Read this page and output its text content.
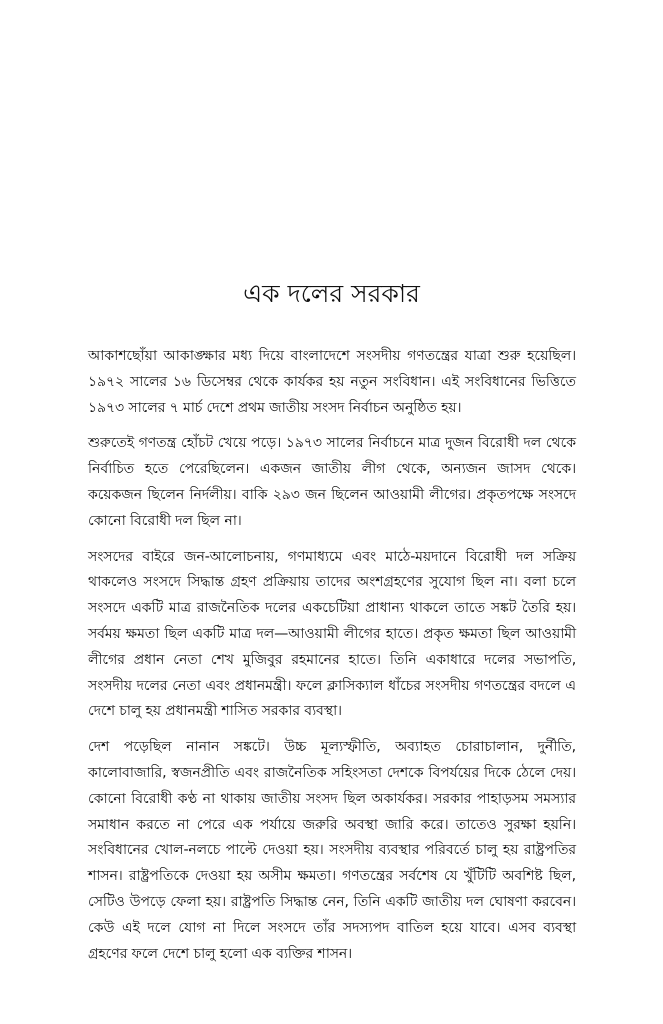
এক দলের সরকার

আকাশছোঁয়া আকাঙ্ক্ষার মধ্য দিয়ে বাংলাদেশে সংসদীয় গণতন্ত্রের যাত্রা শুরু হয়েছিল। ১৯৭২ সালের ১৬ ডিসেম্বর থেকে কার্যকর হয় নতুন সংবিধান। এই সংবিধানের ভিত্তিতে ১৯৭৩ সালের ৭ মার্চ দেশে প্রথম জাতীয় সংসদ নির্বাচন অনুষ্ঠিত হয়।

শুরুতেই গণতন্ত্র হোঁচট খেয়ে পড়ে। ১৯৭৩ সালের নির্বাচনে মাত্র দুজন বিরোধী দল থেকে নির্বাচিত হতে পেরেছিলেন। একজন জাতীয় লীগ থেকে, অন্যজন জাসদ থেকে। কয়েকজন ছিলেন নির্দলীয়। বাকি ২৯৩ জন ছিলেন আওয়ামী লীগের। প্রকৃতপক্ষে সংসদে কোনো বিরোধী দল ছিল না।

সংসদের বাইরে জন-আলোচনায়, গণমাধ্যমে এবং মাঠে-ময়দানে বিরোধী দল সক্রিয় থাকলেও সংসদে সিদ্ধান্ত গ্রহণ প্রক্রিয়ায় তাদের অংশগ্রহণের সুযোগ ছিল না। বলা চলে সংসদে একটি মাত্র রাজনৈতিক দলের একচেটিয়া প্রাধান্য থাকলে তাতে সঙ্কট তৈরি হয়। সর্বময় ক্ষমতা ছিল একটি মাত্র দল—আওয়ামী লীগের হাতে। প্রকৃত ক্ষমতা ছিল আওয়ামী লীগের প্রধান নেতা শেখ মুজিবুর রহমানের হাতে। তিনি একাধারে দলের সভাপতি, সংসদীয় দলের নেতা এবং প্রধানমন্ত্রী। ফলে ক্লাসিক্যাল ধাঁচের সংসদীয় গণতন্ত্রের বদলে এ দেশে চালু হয় প্রধানমন্ত্রী শাসিত সরকার ব্যবস্থা।

দেশ পড়েছিল নানান সঙ্কটে। উচ্চ মূল্যস্ফীতি, অব্যাহত চোরাচালান, দুর্নীতি, কালোবাজারি, স্বজনপ্রীতি এবং রাজনৈতিক সহিংসতা দেশকে বিপর্যয়ের দিকে ঠেলে দেয়। কোনো বিরোধী কণ্ঠ না থাকায় জাতীয় সংসদ ছিল অকার্যকর। সরকার পাহাড়সম সমস্যার সমাধান করতে না পেরে এক পর্যায়ে জরুরি অবস্থা জারি করে। তাতেও সুরক্ষা হয়নি। সংবিধানের খোল-নলচে পাল্টে দেওয়া হয়। সংসদীয় ব্যবস্থার পরিবর্তে চালু হয় রাষ্ট্রপতির শাসন। রাষ্ট্রপতিকে দেওয়া হয় অসীম ক্ষমতা। গণতন্ত্রের সর্বশেষ যে খুঁটিটি অবশিষ্ট ছিল, সেটিও উপড়ে ফেলা হয়। রাষ্ট্রপতি সিদ্ধান্ত নেন, তিনি একটি জাতীয় দল ঘোষণা করবেন। কেউ এই দলে যোগ না দিলে সংসদে তাঁর সদস্যপদ বাতিল হয়ে যাবে। এসব ব্যবস্থা গ্রহণের ফলে দেশে চালু হলো এক ব্যক্তির শাসন।
